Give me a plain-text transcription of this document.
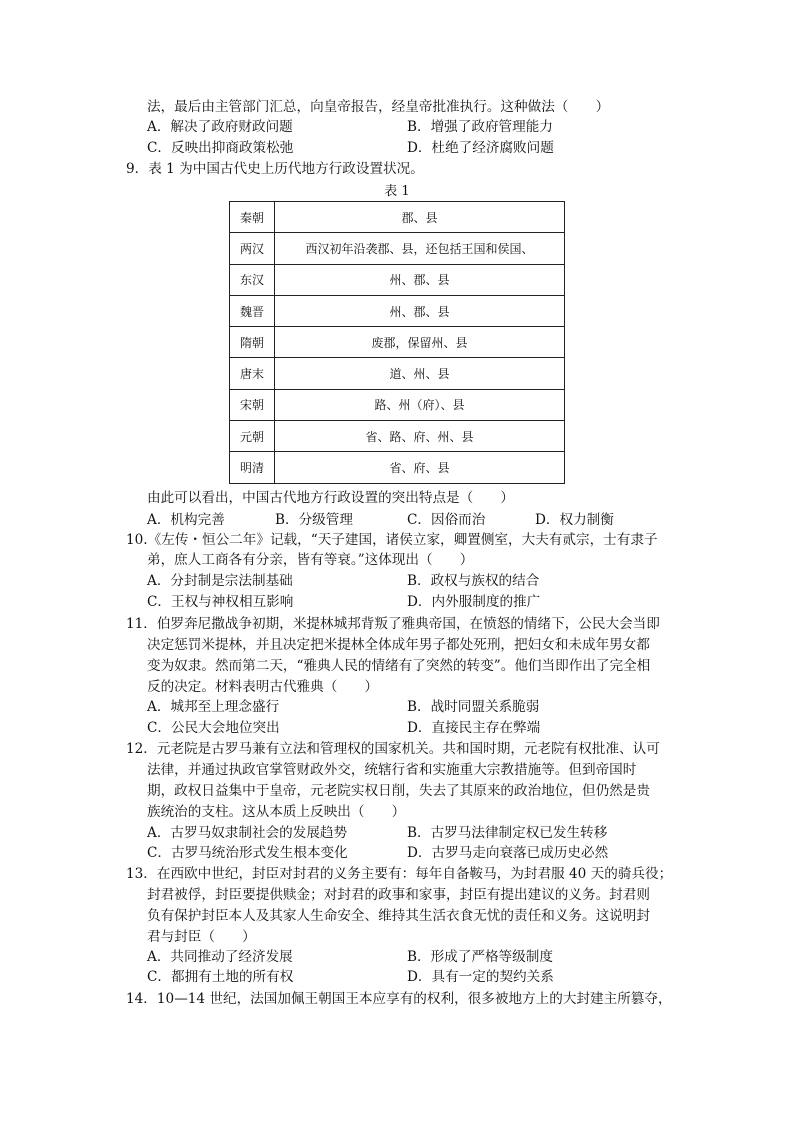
法，最后由主管部门汇总，向皇帝报告，经皇帝批准执行。这种做法（　　）
A．解决了政府财政问题	B．增强了政府管理能力
C．反映出抑商政策松弛	D．杜绝了经济腐败问题
9．表 1 为中国古代史上历代地方行政设置状况。
表 1
秦朝	郡、县
两汉	西汉初年沿袭郡、县，还包括王国和侯国、
东汉	州、郡、县
魏晋	州、郡、县
隋朝	废郡，保留州、县
唐末	道、州、县
宋朝	路、州（府）、县
元朝	省、路、府、州、县
明清	省、府、县
由此可以看出，中国古代地方行政设置的突出特点是（　　）
A．机构完善	B．分级管理	C．因俗而治	D．权力制衡
10.《左传・恒公二年》记载，“天子建国，诸侯立家，卿置侧室，大夫有贰宗，士有隶子
弟，庶人工商各有分亲，皆有等衰。”这体现出（　　）
A．分封制是宗法制基础	B．政权与族权的结合
C．王权与神权相互影响	D．内外服制度的推广
11．伯罗奔尼撒战争初期，米提林城邦背叛了雅典帝国，在愤怒的情绪下，公民大会当即
决定惩罚米提林，并且决定把米提林全体成年男子都处死刑，把妇女和未成年男女都
变为奴隶。然而第二天，“雅典人民的情绪有了突然的转变”。他们当即作出了完全相
反的决定。材料表明古代雅典（　　）
A．城邦至上理念盛行	B．战时同盟关系脆弱
C．公民大会地位突出	D．直接民主存在弊端
12．元老院是古罗马兼有立法和管理权的国家机关。共和国时期，元老院有权批准、认可
法律，并通过执政官掌管财政外交，统辖行省和实施重大宗教措施等。但到帝国时
期，政权日益集中于皇帝，元老院实权日削，失去了其原来的政治地位，但仍然是贵
族统治的支柱。这从本质上反映出（　　）
A．古罗马奴隶制社会的发展趋势	B．古罗马法律制定权已发生转移
C．古罗马统治形式发生根本变化	D．古罗马走向衰落已成历史必然
13．在西欧中世纪，封臣对封君的义务主要有：每年自备鞍马，为封君服 40 天的骑兵役；
封君被俘，封臣要提供赎金；对封君的政事和家事，封臣有提出建议的义务。封君则
负有保护封臣本人及其家人生命安全、维持其生活衣食无忧的责任和义务。这说明封
君与封臣（　　）
A．共同推动了经济发展	B．形成了严格等级制度
C．都拥有土地的所有权	D．具有一定的契约关系
14．10—14 世纪，法国加佩王朝国王本应享有的权利，很多被地方上的大封建主所篡夺，
